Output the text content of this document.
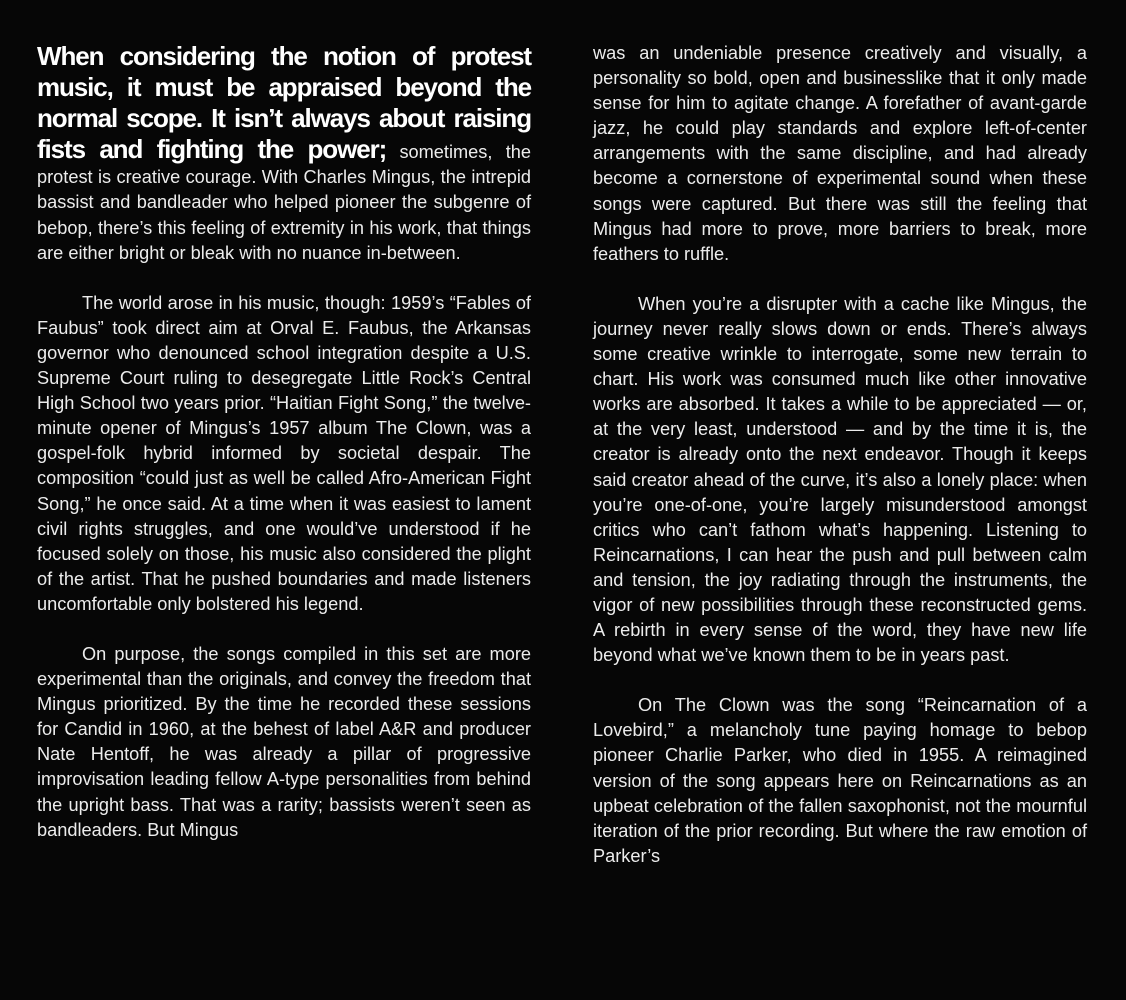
When considering the notion of protest music, it must be appraised beyond the normal scope. It isn’t always about raising fists and fighting the power; sometimes, the protest is creative courage. With Charles Mingus, the intrepid bassist and bandleader who helped pioneer the subgenre of bebop, there’s this feeling of extremity in his work, that things are either bright or bleak with no nuance in-between.

The world arose in his music, though: 1959’s “Fables of Faubus” took direct aim at Orval E. Faubus, the Arkansas governor who denounced school integration despite a U.S. Supreme Court ruling to desegregate Little Rock’s Central High School two years prior. “Haitian Fight Song,” the twelve-minute opener of Mingus’s 1957 album The Clown, was a gospel-folk hybrid informed by societal despair. The composition “could just as well be called Afro-American Fight Song,” he once said. At a time when it was easiest to lament civil rights struggles, and one would’ve understood if he focused solely on those, his music also considered the plight of the artist. That he pushed boundaries and made listeners uncomfortable only bolstered his legend.

On purpose, the songs compiled in this set are more experimental than the originals, and convey the freedom that Mingus prioritized. By the time he recorded these sessions for Candid in 1960, at the behest of label A&R and producer Nate Hentoff, he was already a pillar of progressive improvisation leading fellow A-type personalities from behind the upright bass. That was a rarity; bassists weren’t seen as bandleaders. But Mingus

was an undeniable presence creatively and visually, a personality so bold, open and businesslike that it only made sense for him to agitate change. A forefather of avant-garde jazz, he could play standards and explore left-of-center arrangements with the same discipline, and had already become a cornerstone of experimental sound when these songs were captured. But there was still the feeling that Mingus had more to prove, more barriers to break, more feathers to ruffle.

When you’re a disrupter with a cache like Mingus, the journey never really slows down or ends. There’s always some creative wrinkle to interrogate, some new terrain to chart. His work was consumed much like other innovative works are absorbed. It takes a while to be appreciated — or, at the very least, understood — and by the time it is, the creator is already onto the next endeavor. Though it keeps said creator ahead of the curve, it’s also a lonely place: when you’re one-of-one, you’re largely misunderstood amongst critics who can’t fathom what’s happening. Listening to Reincarnations, I can hear the push and pull between calm and tension, the joy radiating through the instruments, the vigor of new possibilities through these reconstructed gems. A rebirth in every sense of the word, they have new life beyond what we’ve known them to be in years past.

On The Clown was the song “Reincarnation of a Lovebird,” a melancholy tune paying homage to bebop pioneer Charlie Parker, who died in 1955. A reimagined version of the song appears here on Reincarnations as an upbeat celebration of the fallen saxophonist, not the mournful iteration of the prior recording. But where the raw emotion of Parker’s
